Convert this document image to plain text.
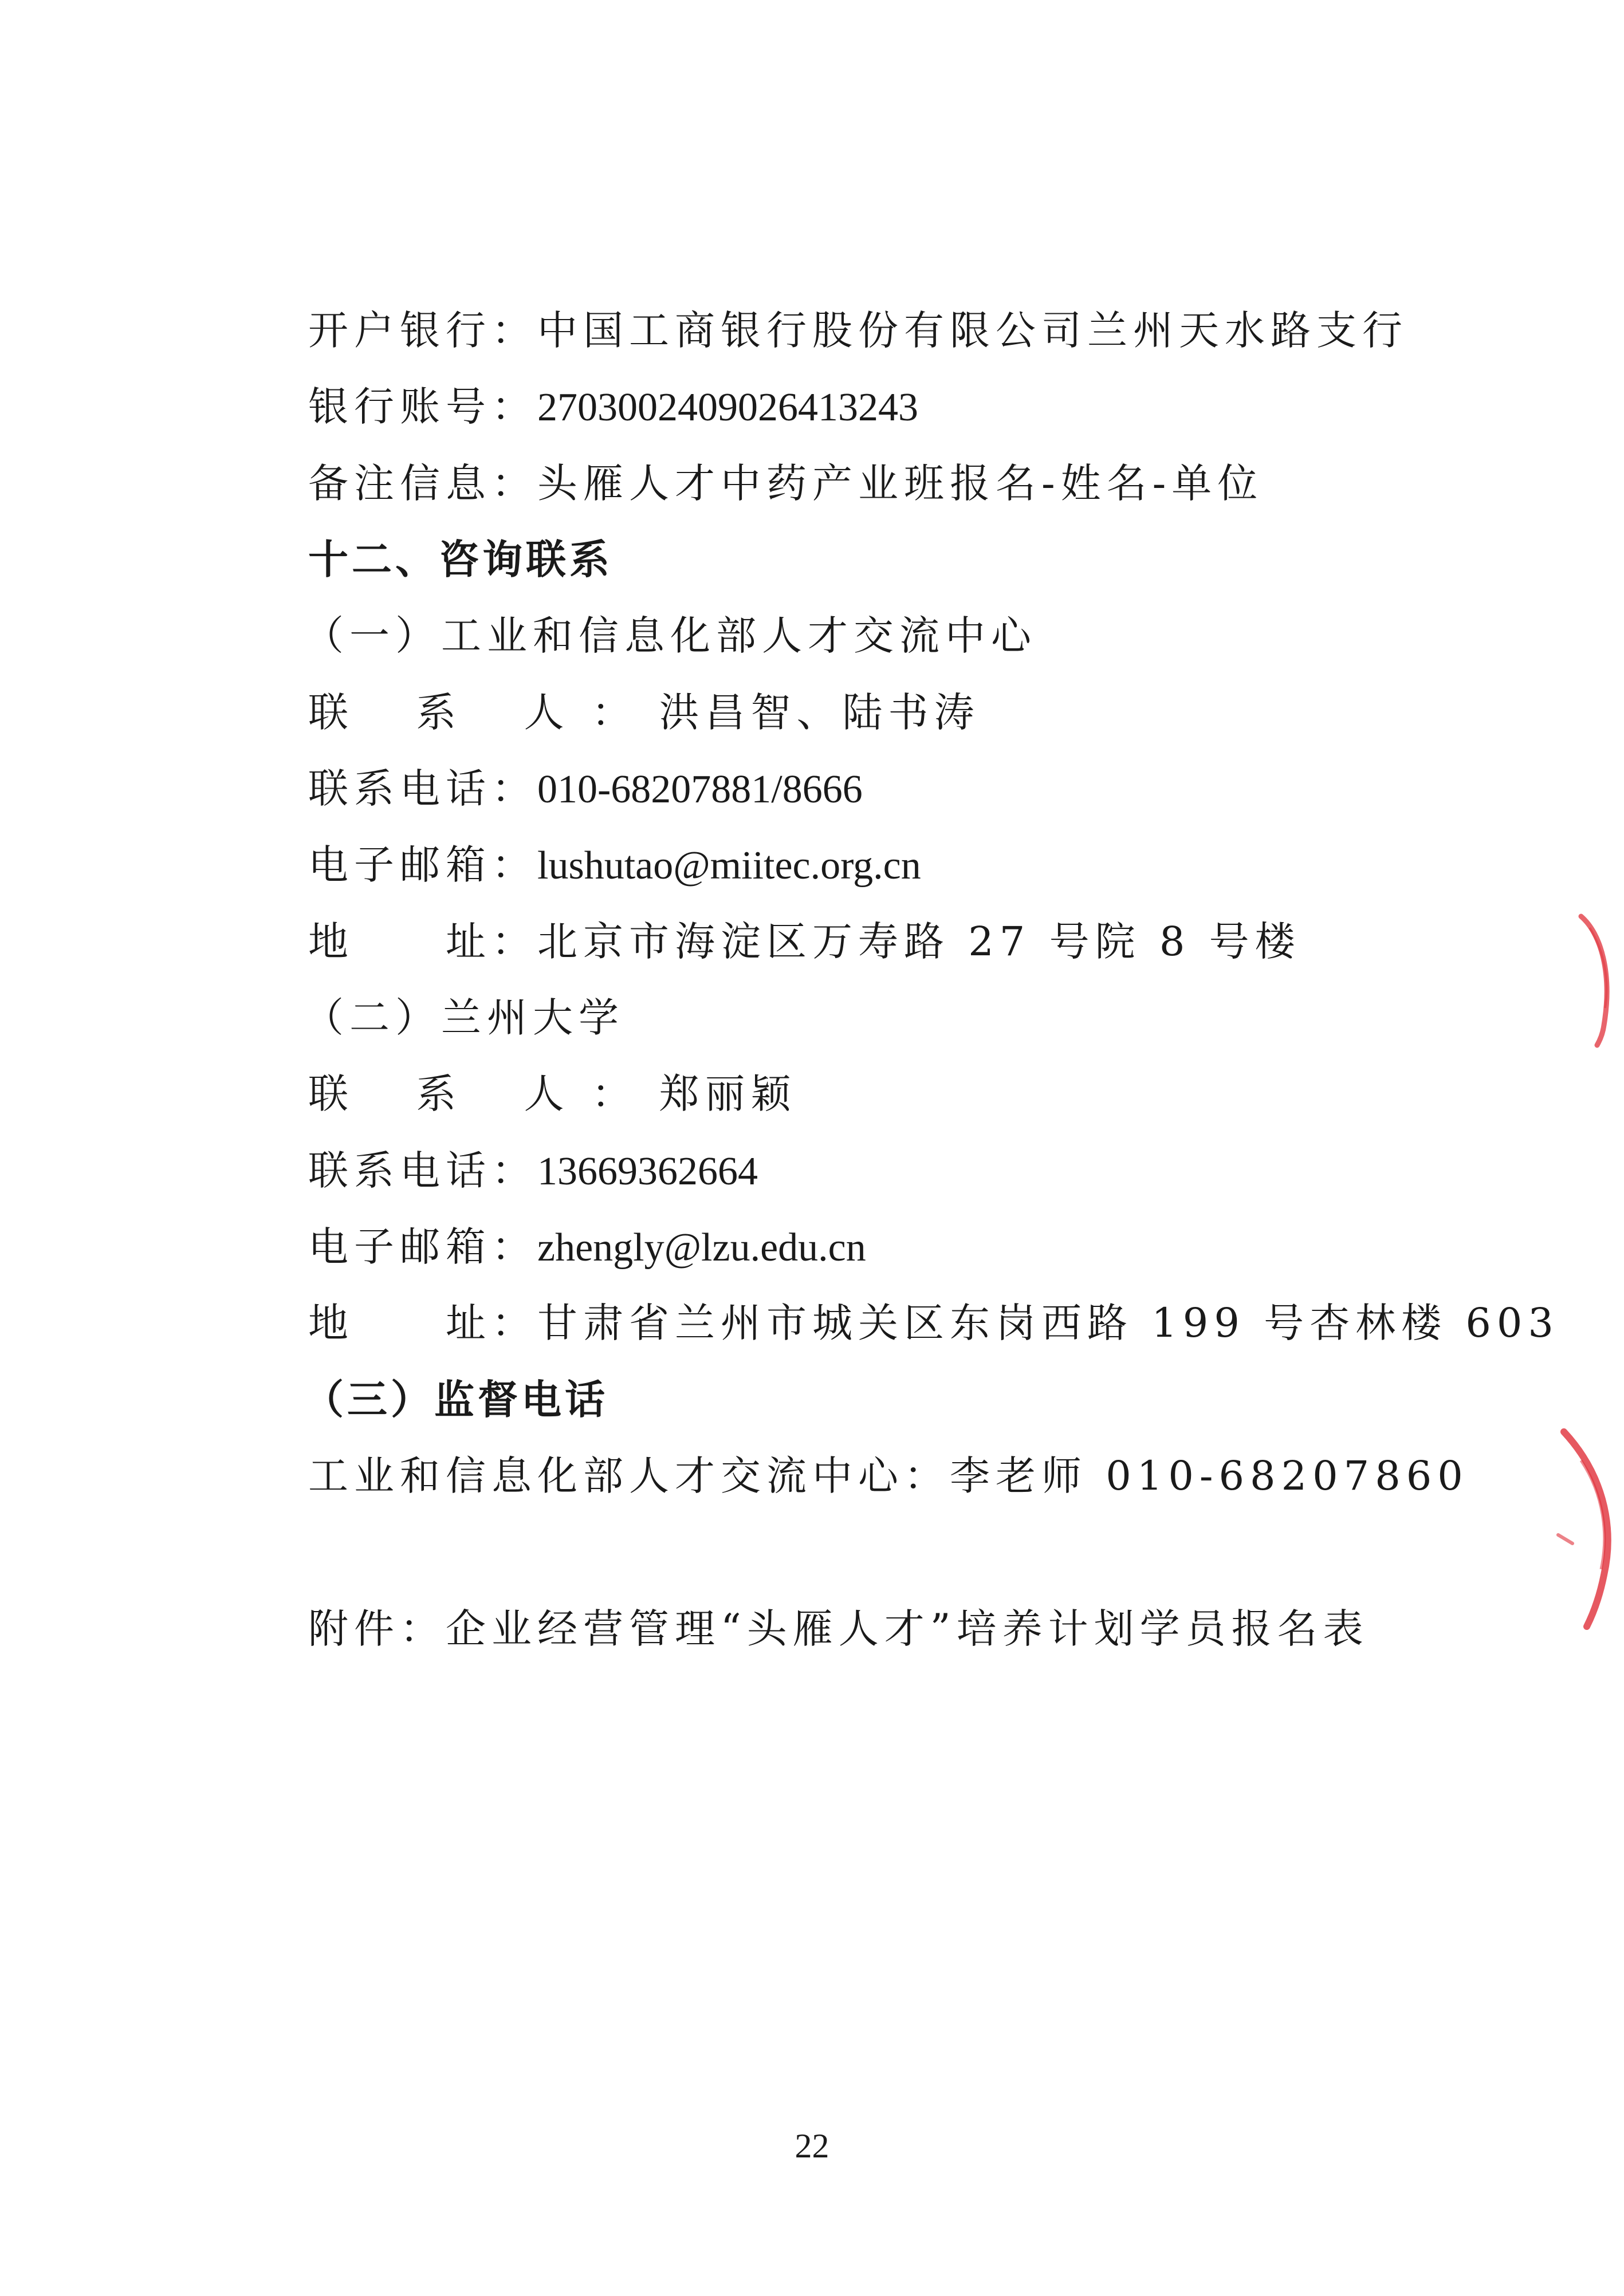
开户银行：中国工商银行股份有限公司兰州天水路支行
银行账号：2703002409026413243
备注信息：头雁人才中药产业班报名-姓名-单位
十二、咨询联系
（一）工业和信息化部人才交流中心
联 系 人：洪昌智、陆书涛
联系电话：010-68207881/8666
电子邮箱：lushutao@miitec.org.cn
地　　址：北京市海淀区万寿路 27 号院 8 号楼
（二）兰州大学
联 系 人：郑丽颖
联系电话：13669362664
电子邮箱：zhengly@lzu.edu.cn
地　　址：甘肃省兰州市城关区东岗西路 199 号杏林楼 603
（三）监督电话
工业和信息化部人才交流中心：李老师 010-68207860
附件：企业经营管理“头雁人才”培养计划学员报名表
22
